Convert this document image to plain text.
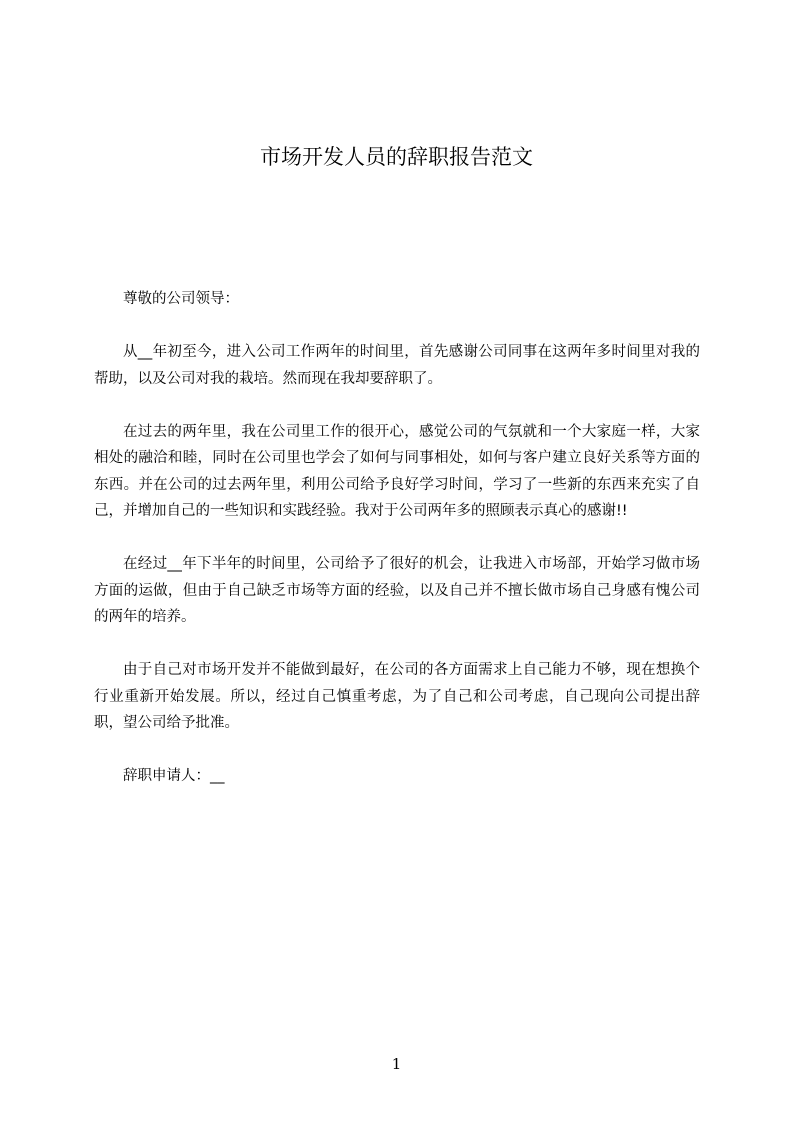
市场开发人员的辞职报告范文

尊敬的公司领导：

从__年初至今，进入公司工作两年的时间里，首先感谢公司同事在这两年多时间里对我的帮助，以及公司对我的栽培。然而现在我却要辞职了。

在过去的两年里，我在公司里工作的很开心，感觉公司的气氛就和一个大家庭一样，大家相处的融洽和睦，同时在公司里也学会了如何与同事相处，如何与客户建立良好关系等方面的东西。并在公司的过去两年里，利用公司给予良好学习时间，学习了一些新的东西来充实了自己，并增加自己的一些知识和实践经验。我对于公司两年多的照顾表示真心的感谢!!

在经过__年下半年的时间里，公司给予了很好的机会，让我进入市场部，开始学习做市场方面的运做，但由于自己缺乏市场等方面的经验，以及自己并不擅长做市场自己身感有愧公司的两年的培养。

由于自己对市场开发并不能做到最好，在公司的各方面需求上自己能力不够，现在想换个行业重新开始发展。所以，经过自己慎重考虑，为了自己和公司考虑，自己现向公司提出辞职，望公司给予批准。

辞职申请人：__

1
